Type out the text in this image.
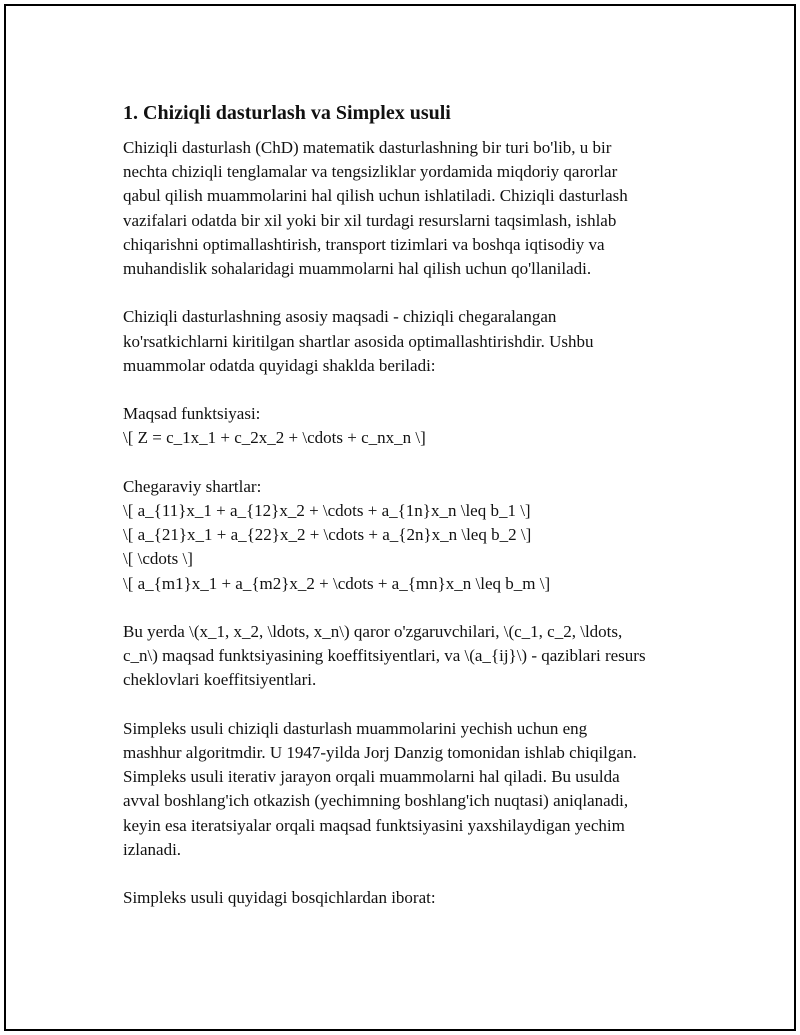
1. Chiziqli dasturlash va Simplex usuli

Chiziqli dasturlash (ChD) matematik dasturlashning bir turi bo'lib, u bir
nechta chiziqli tenglamalar va tengsizliklar yordamida miqdoriy qarorlar
qabul qilish muammolarini hal qilish uchun ishlatiladi. Chiziqli dasturlash
vazifalari odatda bir xil yoki bir xil turdagi resurslarni taqsimlash, ishlab
chiqarishni optimallashtirish, transport tizimlari va boshqa iqtisodiy va
muhandislik sohalaridagi muammolarni hal qilish uchun qo'llaniladi.

Chiziqli dasturlashning asosiy maqsadi - chiziqli chegaralangan
ko'rsatkichlarni kiritilgan shartlar asosida optimallashtirishdir. Ushbu
muammolar odatda quyidagi shaklda beriladi:

Maqsad funktsiyasi:
\[ Z = c_1x_1 + c_2x_2 + \cdots + c_nx_n \]

Chegaraviy shartlar:
\[ a_{11}x_1 + a_{12}x_2 + \cdots + a_{1n}x_n \leq b_1 \]
\[ a_{21}x_1 + a_{22}x_2 + \cdots + a_{2n}x_n \leq b_2 \]
\[ \cdots \]
\[ a_{m1}x_1 + a_{m2}x_2 + \cdots + a_{mn}x_n \leq b_m \]

Bu yerda \(x_1, x_2, \ldots, x_n\) qaror o'zgaruvchilari, \(c_1, c_2, \ldots,
c_n\) maqsad funktsiyasining koeffitsiyentlari, va \(a_{ij}\) - qaziblari resurs
cheklovlari koeffitsiyentlari.

Simpleks usuli chiziqli dasturlash muammolarini yechish uchun eng
mashhur algoritmdir. U 1947-yilda Jorj Danzig tomonidan ishlab chiqilgan.
Simpleks usuli iterativ jarayon orqali muammolarni hal qiladi. Bu usulda
avval boshlang'ich otkazish (yechimning boshlang'ich nuqtasi) aniqlanadi,
keyin esa iteratsiyalar orqali maqsad funktsiyasini yaxshilaydigan yechim
izlanadi.

Simpleks usuli quyidagi bosqichlardan iborat:
